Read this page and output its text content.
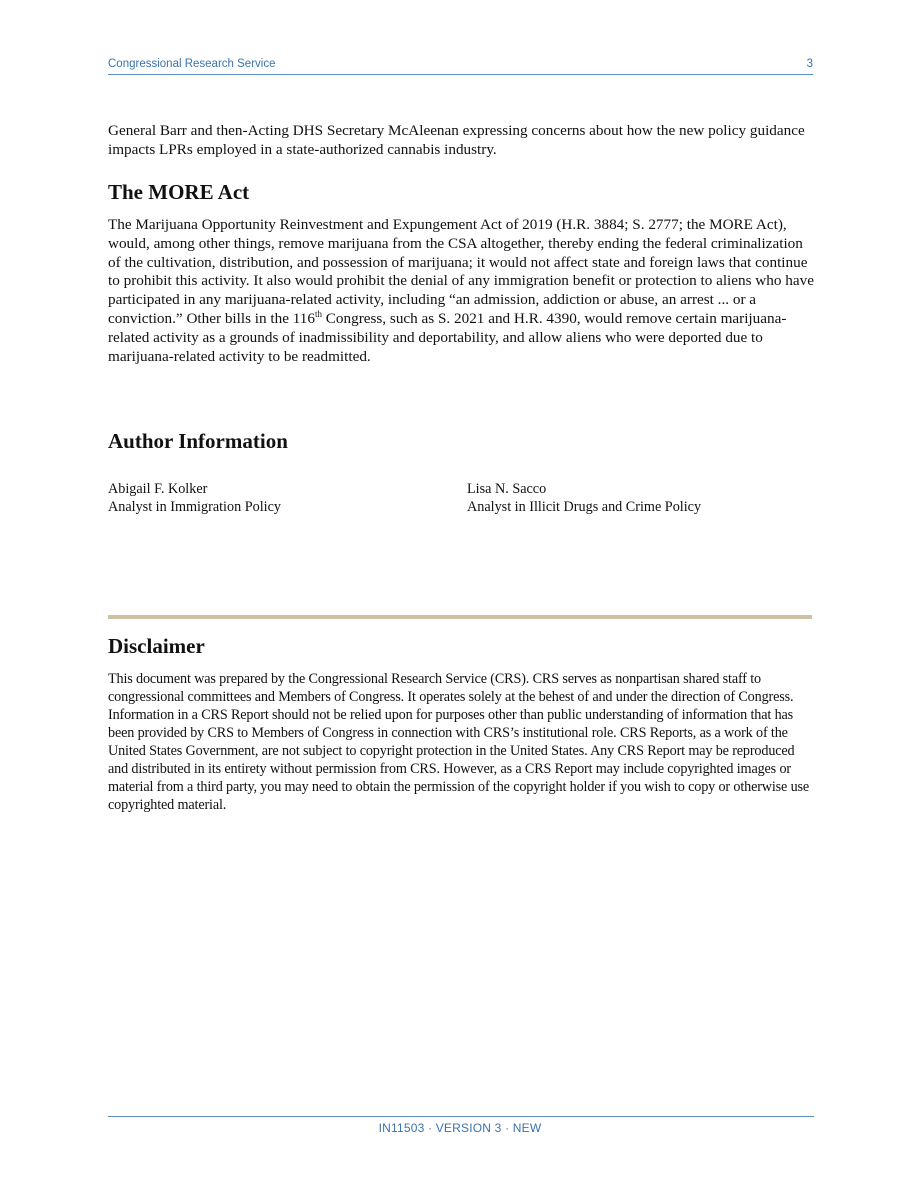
Congressional Research Service	3

General Barr and then-Acting DHS Secretary McAleenan expressing concerns about how the new policy guidance impacts LPRs employed in a state-authorized cannabis industry.

The MORE Act

The Marijuana Opportunity Reinvestment and Expungement Act of 2019 (H.R. 3884; S. 2777; the MORE Act), would, among other things, remove marijuana from the CSA altogether, thereby ending the federal criminalization of the cultivation, distribution, and possession of marijuana; it would not affect state and foreign laws that continue to prohibit this activity. It also would prohibit the denial of any immigration benefit or protection to aliens who have participated in any marijuana-related activity, including “an admission, addiction or abuse, an arrest ... or a conviction.” Other bills in the 116th Congress, such as S. 2021 and H.R. 4390, would remove certain marijuana-related activity as a grounds of inadmissibility and deportability, and allow aliens who were deported due to marijuana-related activity to be readmitted.

Author Information
Abigail F. Kolker
Analyst in Immigration Policy
Lisa N. Sacco
Analyst in Illicit Drugs and Crime Policy
Disclaimer

This document was prepared by the Congressional Research Service (CRS). CRS serves as nonpartisan shared staff to congressional committees and Members of Congress. It operates solely at the behest of and under the direction of Congress. Information in a CRS Report should not be relied upon for purposes other than public understanding of information that has been provided by CRS to Members of Congress in connection with CRS’s institutional role. CRS Reports, as a work of the United States Government, are not subject to copyright protection in the United States. Any CRS Report may be reproduced and distributed in its entirety without permission from CRS. However, as a CRS Report may include copyrighted images or material from a third party, you may need to obtain the permission of the copyright holder if you wish to copy or otherwise use copyrighted material.

IN11503 · VERSION 3 · NEW
